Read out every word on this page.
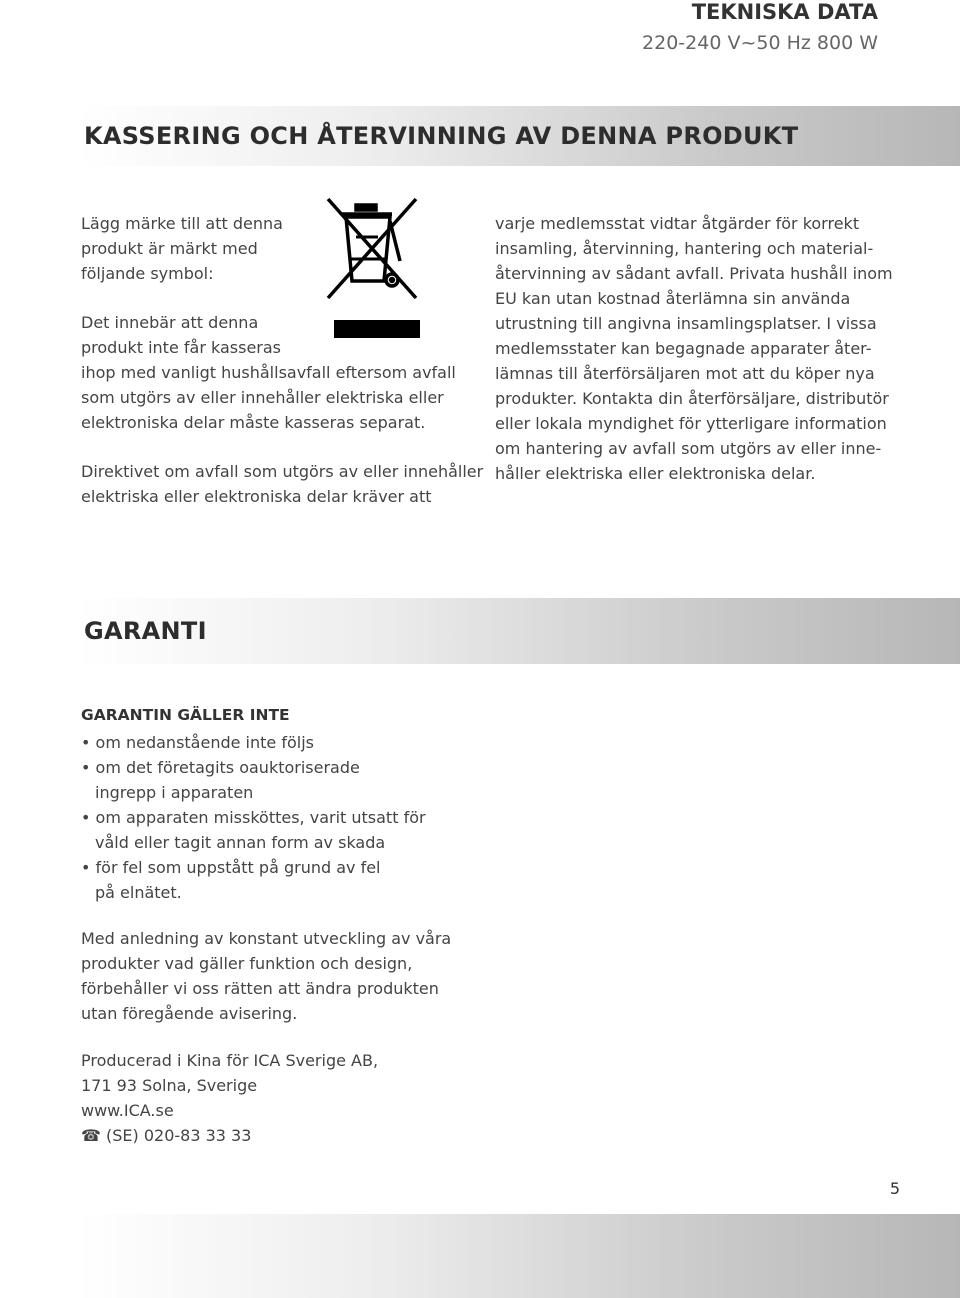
TEKNISKA DATA
220-240 V~50 Hz 800 W
KASSERING OCH ÅTERVINNING AV DENNA PRODUKT
Lägg märke till att denna
produkt är märkt med
följande symbol:
Det innebär att denna
produkt inte får kasseras
ihop med vanligt hushållsavfall eftersom avfall
som utgörs av eller innehåller elektriska eller
elektroniska delar måste kasseras separat.
Direktivet om avfall som utgörs av eller innehåller
elektriska eller elektroniska delar kräver att
varje medlemsstat vidtar åtgärder för korrekt
insamling, återvinning, hantering och material-
återvinning av sådant avfall. Privata hushåll inom
EU kan utan kostnad återlämna sin använda
utrustning till angivna insamlingsplatser. I vissa
medlemsstater kan begagnade apparater åter-
lämnas till återförsäljaren mot att du köper nya
produkter. Kontakta din återförsäljare, distributör
eller lokala myndighet för ytterligare information
om hantering av avfall som utgörs av eller inne-
håller elektriska eller elektroniska delar.
GARANTI
GARANTIN GÄLLER INTE
• om nedanstående inte följs
• om det företagits oauktoriserade
ingrepp i apparaten
• om apparaten missköttes, varit utsatt för
våld eller tagit annan form av skada
• för fel som uppstått på grund av fel
på elnätet.
Med anledning av konstant utveckling av våra
produkter vad gäller funktion och design,
förbehåller vi oss rätten att ändra produkten
utan föregående avisering.
Producerad i Kina för ICA Sverige AB,
171 93 Solna, Sverige
www.ICA.se
☎ (SE) 020-83 33 33
5
